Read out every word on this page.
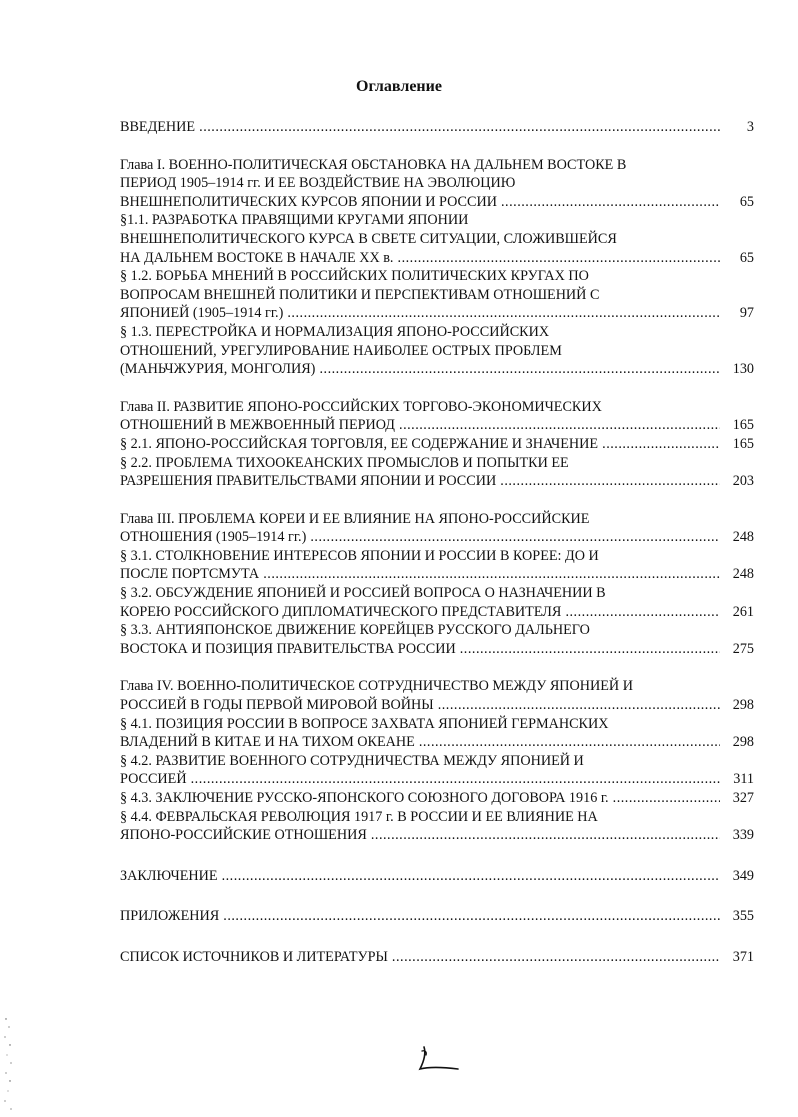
Оглавление
ВВЕДЕНИЕ .....	3
Глава I. ВОЕННО-ПОЛИТИЧЕСКАЯ ОБСТАНОВКА НА ДАЛЬНЕМ ВОСТОКЕ В
ПЕРИОД 1905–1914 гг. И ЕЕ ВОЗДЕЙСТВИЕ НА ЭВОЛЮЦИЮ
ВНЕШНЕПОЛИТИЧЕСКИХ КУРСОВ ЯПОНИИ И РОССИИ .....	65
§1.1. РАЗРАБОТКА ПРАВЯЩИМИ КРУГАМИ ЯПОНИИ
ВНЕШНЕПОЛИТИЧЕСКОГО КУРСА В СВЕТЕ СИТУАЦИИ, СЛОЖИВШЕЙСЯ
НА ДАЛЬНЕМ ВОСТОКЕ В НАЧАЛЕ XX в. .....	65
§ 1.2. БОРЬБА МНЕНИЙ В РОССИЙСКИХ ПОЛИТИЧЕСКИХ КРУГАХ ПО
ВОПРОСАМ ВНЕШНЕЙ ПОЛИТИКИ И ПЕРСПЕКТИВАМ ОТНОШЕНИЙ С
ЯПОНИЕЙ (1905–1914 гг.) .....	97
§ 1.3. ПЕРЕСТРОЙКА И НОРМАЛИЗАЦИЯ ЯПОНО-РОССИЙСКИХ
ОТНОШЕНИЙ, УРЕГУЛИРОВАНИЕ НАИБОЛЕЕ ОСТРЫХ ПРОБЛЕМ
(МАНЬЧЖУРИЯ, МОНГОЛИЯ) .....	130
Глава II. РАЗВИТИЕ ЯПОНО-РОССИЙСКИХ ТОРГОВО-ЭКОНОМИЧЕСКИХ
ОТНОШЕНИЙ В МЕЖВОЕННЫЙ ПЕРИОД .....	165
§ 2.1. ЯПОНО-РОССИЙСКАЯ ТОРГОВЛЯ, ЕЕ СОДЕРЖАНИЕ И ЗНАЧЕНИЕ .....	165
§ 2.2. ПРОБЛЕМА ТИХООКЕАНСКИХ ПРОМЫСЛОВ И ПОПЫТКИ ЕЕ
РАЗРЕШЕНИЯ ПРАВИТЕЛЬСТВАМИ ЯПОНИИ И РОССИИ .....	203
Глава III. ПРОБЛЕМА КОРЕИ И ЕЕ ВЛИЯНИЕ НА ЯПОНО-РОССИЙСКИЕ
ОТНОШЕНИЯ (1905–1914 гг.) .....	248
§ 3.1. СТОЛКНОВЕНИЕ ИНТЕРЕСОВ ЯПОНИИ И РОССИИ В КОРЕЕ: ДО И
ПОСЛЕ ПОРТСМУТА .....	248
§ 3.2. ОБСУЖДЕНИЕ ЯПОНИЕЙ И РОССИЕЙ ВОПРОСА О НАЗНАЧЕНИИ В
КОРЕЮ РОССИЙСКОГО ДИПЛОМАТИЧЕСКОГО ПРЕДСТАВИТЕЛЯ .....	261
§ 3.3. АНТИЯПОНСКОЕ ДВИЖЕНИЕ КОРЕЙЦЕВ РУССКОГО ДАЛЬНЕГО
ВОСТОКА И ПОЗИЦИЯ ПРАВИТЕЛЬСТВА РОССИИ .....	275
Глава IV. ВОЕННО-ПОЛИТИЧЕСКОЕ СОТРУДНИЧЕСТВО МЕЖДУ ЯПОНИЕЙ И
РОССИЕЙ В ГОДЫ ПЕРВОЙ МИРОВОЙ ВОЙНЫ .....	298
§ 4.1. ПОЗИЦИЯ РОССИИ В ВОПРОСЕ ЗАХВАТА ЯПОНИЕЙ ГЕРМАНСКИХ
ВЛАДЕНИЙ В КИТАЕ И НА ТИХОМ ОКЕАНЕ .....	298
§ 4.2. РАЗВИТИЕ ВОЕННОГО СОТРУДНИЧЕСТВА МЕЖДУ ЯПОНИЕЙ И
РОССИЕЙ .....	311
§ 4.3. ЗАКЛЮЧЕНИЕ РУССКО-ЯПОНСКОГО СОЮЗНОГО ДОГОВОРА 1916 г. .....	327
§ 4.4. ФЕВРАЛЬСКАЯ РЕВОЛЮЦИЯ 1917 г. В РОССИИ И ЕЕ ВЛИЯНИЕ НА
ЯПОНО-РОССИЙСКИЕ ОТНОШЕНИЯ .....	339
ЗАКЛЮЧЕНИЕ .....	349
ПРИЛОЖЕНИЯ .....	355
СПИСОК ИСТОЧНИКОВ И ЛИТЕРАТУРЫ .....	371
